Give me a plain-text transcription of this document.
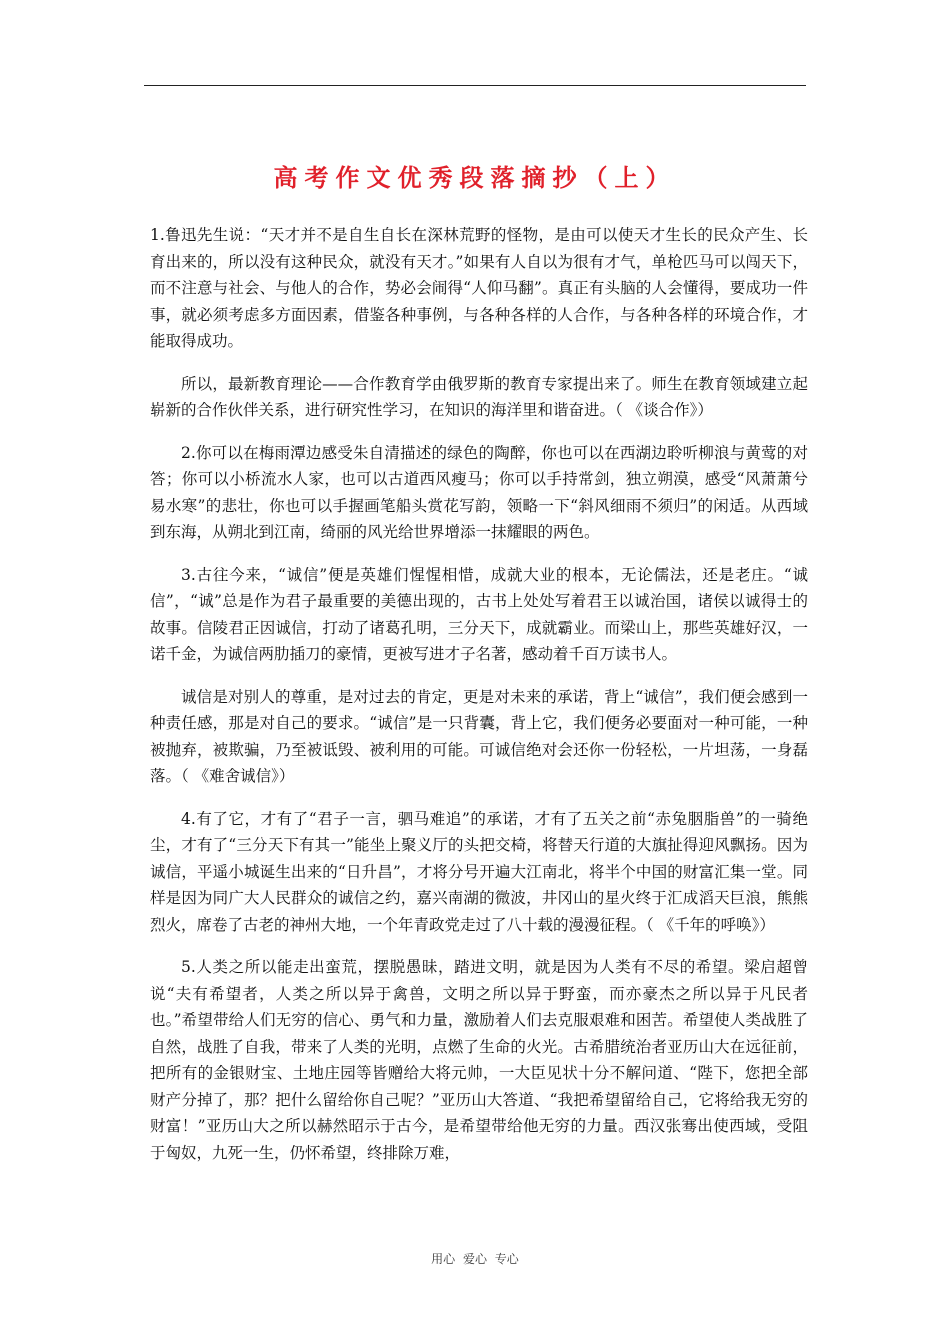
高考作文优秀段落摘抄（上）

1.鲁迅先生说：“天才并不是自生自长在深林荒野的怪物，是由可以使天才生长的民众产生、长育出来的，所以没有这种民众，就没有天才。”如果有人自以为很有才气，单枪匹马可以闯天下，而不注意与社会、与他人的合作，势必会闹得“人仰马翻”。真正有头脑的人会懂得，要成功一件事，就必须考虑多方面因素，借鉴各种事例，与各种各样的人合作，与各种各样的环境合作，才能取得成功。

所以，最新教育理论——合作教育学由俄罗斯的教育专家提出来了。师生在教育领域建立起崭新的合作伙伴关系，进行研究性学习，在知识的海洋里和谐奋进。（ 《谈合作》）

2.你可以在梅雨潭边感受朱自清描述的绿色的陶醉，你也可以在西湖边聆听柳浪与黄莺的对答；你可以小桥流水人家，也可以古道西风瘦马；你可以手持常剑，独立朔漠，感受“风萧萧兮易水寒”的悲壮，你也可以手握画笔船头赏花写韵，领略一下“斜风细雨不须归”的闲适。从西域到东海，从朔北到江南，绮丽的风光给世界增添一抹耀眼的两色。

3.古往今来，“诚信”便是英雄们惺惺相惜，成就大业的根本，无论儒法，还是老庄。“诚信”，“诚”总是作为君子最重要的美德出现的，古书上处处写着君王以诚治国，诸侯以诚得士的故事。信陵君正因诚信，打动了诸葛孔明，三分天下，成就霸业。而梁山上，那些英雄好汉，一诺千金，为诚信两肋插刀的豪情，更被写进才子名著，感动着千百万读书人。

诚信是对别人的尊重，是对过去的肯定，更是对未来的承诺，背上“诚信”，我们便会感到一种责任感，那是对自己的要求。“诚信”是一只背囊，背上它，我们便务必要面对一种可能，一种被抛弃，被欺骗，乃至被诋毁、被利用的可能。可诚信绝对会还你一份轻松，一片坦荡，一身磊落。（ 《难舍诚信》）

4.有了它，才有了“君子一言，驷马难追”的承诺，才有了五关之前“赤兔胭脂兽”的一骑绝尘，才有了“三分天下有其一”能坐上聚义厅的头把交椅，将替天行道的大旗扯得迎风飘扬。因为诚信，平遥小城诞生出来的“日升昌”，才将分号开遍大江南北，将半个中国的财富汇集一堂。同样是因为同广大人民群众的诚信之约，嘉兴南湖的微波，井冈山的星火终于汇成滔天巨浪，熊熊烈火，席卷了古老的神州大地，一个年青政党走过了八十载的漫漫征程。（ 《千年的呼唤》）

5.人类之所以能走出蛮荒，摆脱愚昧，踏进文明，就是因为人类有不尽的希望。梁启超曾说“夫有希望者，人类之所以异于禽兽，文明之所以异于野蛮，而亦豪杰之所以异于凡民者也。”希望带给人们无穷的信心、勇气和力量，激励着人们去克服艰难和困苦。希望使人类战胜了自然，战胜了自我，带来了人类的光明，点燃了生命的火光。古希腊统治者亚历山大在远征前，把所有的金银财宝、土地庄园等皆赠给大将元帅，一大臣见状十分不解问道、“陛下，您把全部财产分掉了，那？把什么留给你自己呢？”亚历山大答道、“我把希望留给自己，它将给我无穷的财富！”亚历山大之所以赫然昭示于古今，是希望带给他无穷的力量。西汉张骞出使西域，受阻于匈奴，九死一生，仍怀希望，终排除万难，

用心 爱心 专心
